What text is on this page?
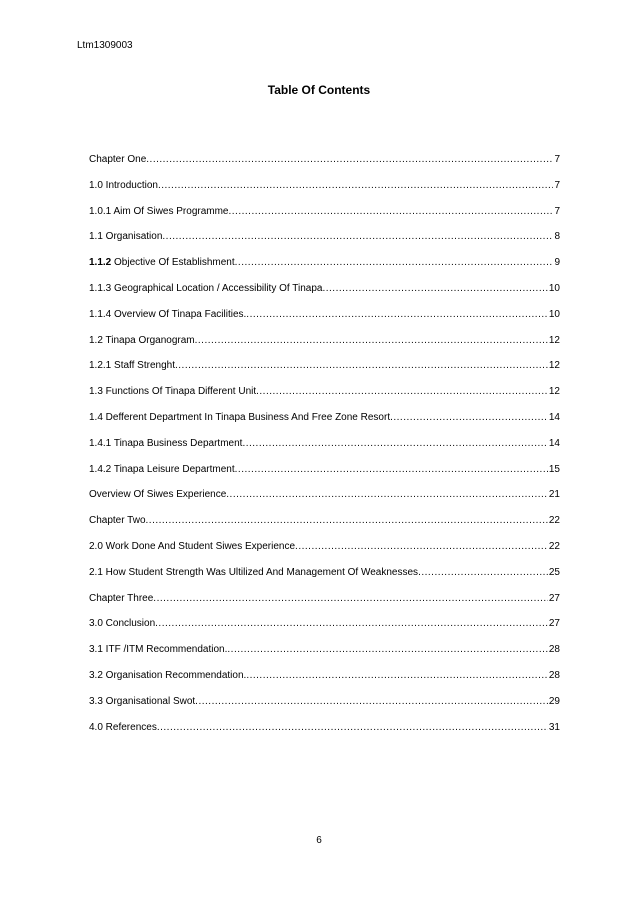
Ltm1309003
Table Of Contents
Chapter One .....	7
1.0 Introduction .....	7
1.0.1 Aim Of Siwes Programme .....	7
1.1 Organisation .....	8
1.1.2 Objective Of Establishment .....	9
1.1.3 Geographical Location / Accessibility Of Tinapa .....	10
1.1.4 Overview Of Tinapa Facilities. .....	10
1.2 Tinapa Organogram .....	12
1.2.1 Staff Strenght .....	12
1.3 Functions Of Tinapa Different Unit .....	12
1.4 Defferent Department In Tinapa Business And Free Zone Resort .....	14
1.4.1 Tinapa Business Department .....	14
1.4.2 Tinapa Leisure Department .....	15
Overview Of Siwes Experience .....	21
Chapter Two .....	22
2.0 Work Done And Student Siwes Experience .....	22
2.1 How Student Strength Was Ultilized And Management Of Weaknesses .....	25
Chapter Three .....	27
3.0 Conclusion .....	27
3.1 ITF /ITM Recommendation. .....	28
3.2 Organisation Recommendation. .....	28
3.3 Organisational Swot .....	29
4.0 References .....	31
6
